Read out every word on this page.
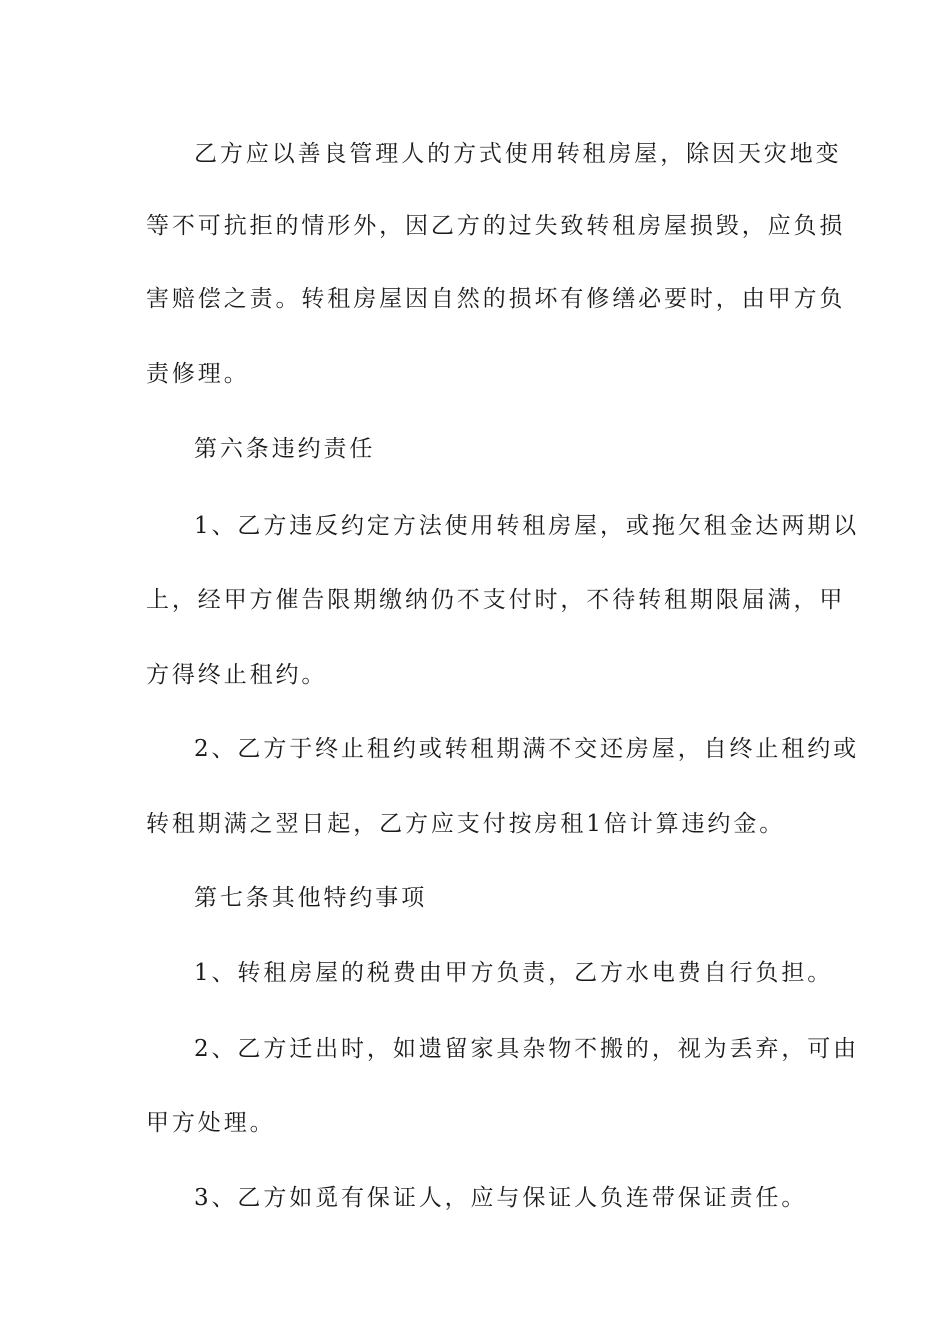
乙方应以善良管理人的方式使用转租房屋，除因天灾地变
等不可抗拒的情形外，因乙方的过失致转租房屋损毁，应负损
害赔偿之责。转租房屋因自然的损坏有修缮必要时，由甲方负
责修理。
第六条违约责任
1、乙方违反约定方法使用转租房屋，或拖欠租金达两期以
上，经甲方催告限期缴纳仍不支付时，不待转租期限届满，甲
方得终止租约。
2、乙方于终止租约或转租期满不交还房屋，自终止租约或
转租期满之翌日起，乙方应支付按房租1倍计算违约金。
第七条其他特约事项
1、转租房屋的税费由甲方负责，乙方水电费自行负担。
2、乙方迁出时，如遗留家具杂物不搬的，视为丢弃，可由
甲方处理。
3、乙方如觅有保证人，应与保证人负连带保证责任。
